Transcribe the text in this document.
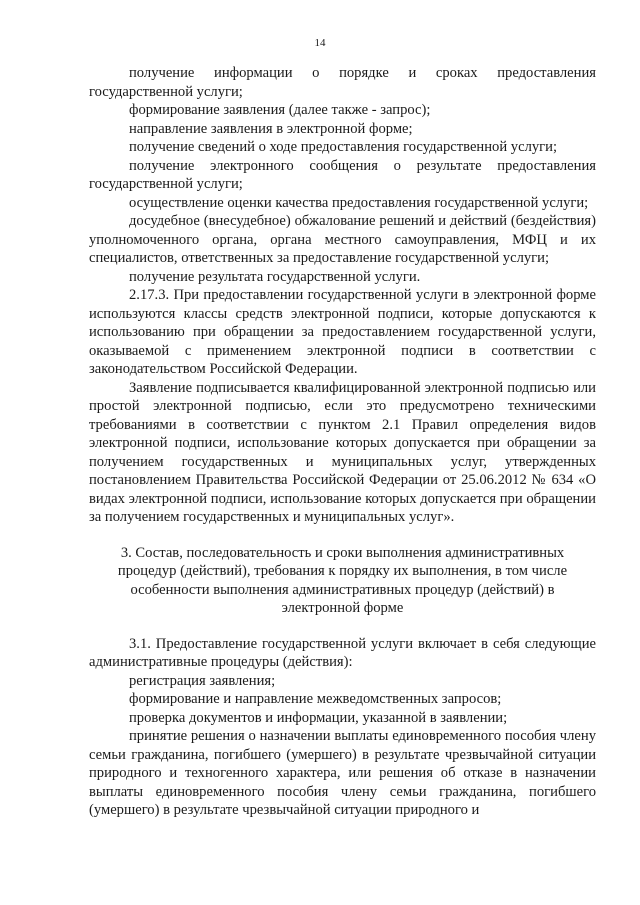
14

получение информации о порядке и сроках предоставления государственной услуги;

формирование заявления (далее также - запрос);

направление заявления в электронной форме;

получение сведений о ходе предоставления государственной услуги;

получение электронного сообщения о результате предоставления государственной услуги;

осуществление оценки качества предоставления государственной услуги;

досудебное (внесудебное) обжалование решений и действий (бездействия) уполномоченного органа, органа местного самоуправления, МФЦ и их специалистов, ответственных за предоставление государственной услуги;

получение результата государственной услуги.

2.17.3. При предоставлении государственной услуги в электронной форме используются классы средств электронной подписи, которые допускаются к использованию при обращении за предоставлением государственной услуги, оказываемой с применением электронной подписи в соответствии с законодательством Российской Федерации.

Заявление подписывается квалифицированной электронной подписью или простой электронной подписью, если это предусмотрено техническими требованиями в соответствии с пунктом 2.1 Правил определения видов электронной подписи, использование которых допускается при обращении за получением государственных и муниципальных услуг, утвержденных постановлением Правительства Российской Федерации от 25.06.2012 № 634 «О видах электронной подписи, использование которых допускается при обращении за получением государственных и муниципальных услуг».

3. Состав, последовательность и сроки выполнения административных
процедур (действий), требования к порядку их выполнения, в том числе
особенности выполнения административных процедур (действий) в
электронной форме

3.1. Предоставление государственной услуги включает в себя следующие административные процедуры (действия):

регистрация заявления;

формирование и направление межведомственных запросов;

проверка документов и информации, указанной в заявлении;

принятие решения о назначении выплаты единовременного пособия члену семьи гражданина, погибшего (умершего) в результате чрезвычайной ситуации природного и техногенного характера, или решения об отказе в назначении выплаты единовременного пособия члену семьи гражданина, погибшего (умершего) в результате чрезвычайной ситуации природного и
